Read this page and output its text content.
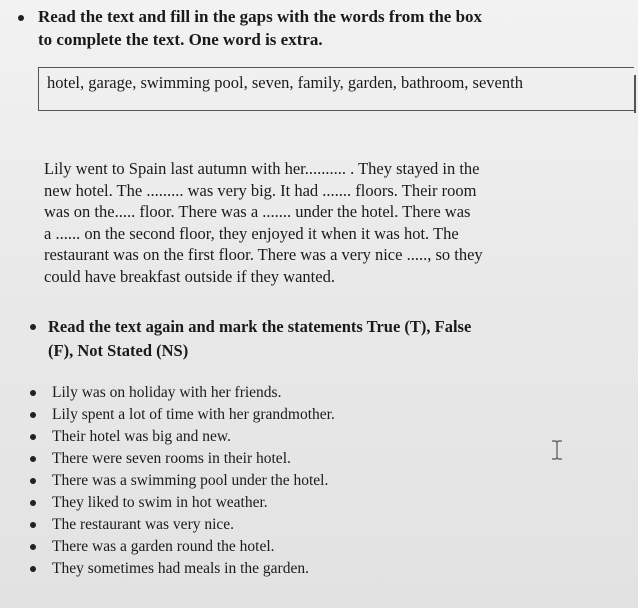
Read the text and fill in the gaps with the words from the box
to complete the text. One word is extra.
hotel, garage, swimming pool, seven, family, garden, bathroom, seventh
Lily went to Spain last autumn with her.......... . They stayed in the
new hotel. The ......... was very big. It had ....... floors. Their room
was on the..... floor. There was a ....... under the hotel. There was
a ...... on the second floor, they enjoyed it when it was hot. The
restaurant was on the first floor. There was a very nice ....., so they
could have breakfast outside if they wanted.
Read the text again and mark the statements True (T), False
(F), Not Stated (NS)
Lily was on holiday with her friends.
Lily spent a lot of time with her grandmother.
Their hotel was big and new.
There were seven rooms in their hotel.
There was a swimming pool under the hotel.
They liked to swim in hot weather.
The restaurant was very nice.
There was a garden round the hotel.
They sometimes had meals in the garden.
